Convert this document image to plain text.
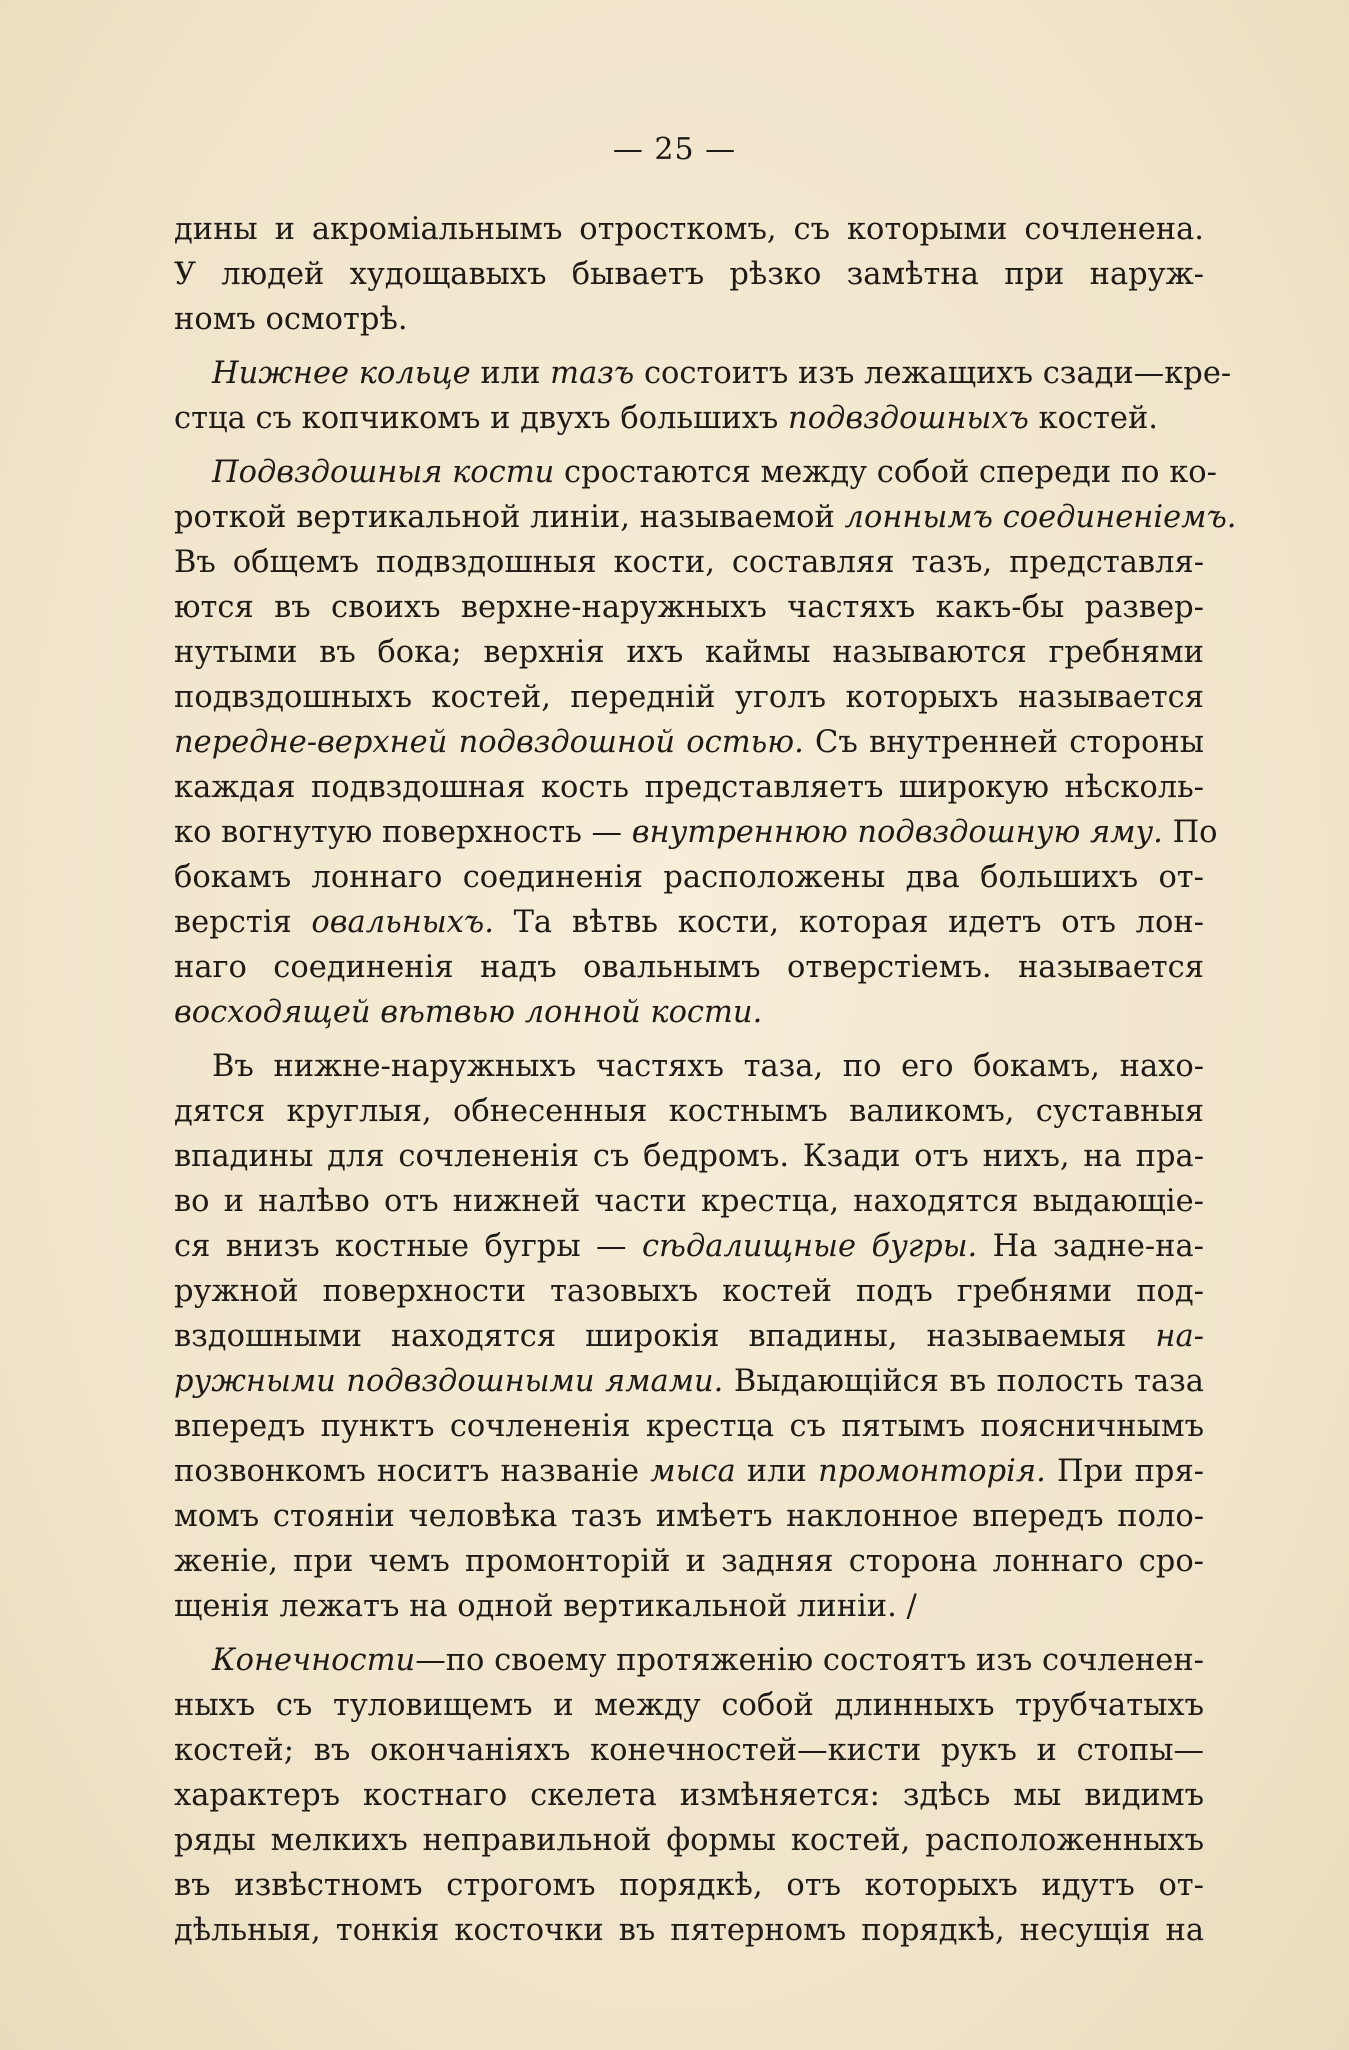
— 25 —
дины и акромiальнымъ отросткомъ, съ которыми сочленена.
У людей худощавыхъ бываетъ рѣзко замѣтна при наруж-
номъ осмотрѣ.
Нижнее кольце или тазъ состоитъ изъ лежащихъ сзади—кре-
стца съ копчикомъ и двухъ большихъ подвздошныхъ костей.
Подвздошныя кости сростаются между собой спереди по ко-
роткой вертикальной линiи, называемой лоннымъ соединенiемъ.
Въ общемъ подвздошныя кости, составляя тазъ, представля-
ются въ своихъ верхне-наружныхъ частяхъ какъ-бы развер-
нутыми въ бока; верхнiя ихъ каймы называются гребнями
подвздошныхъ костей, переднiй уголъ которыхъ называется
передне-верхней подвздошной остью. Съ внутренней стороны
каждая подвздошная кость представляетъ широкую нѣсколь-
ко вогнутую поверхность — внутреннюю подвздошную яму. По
бокамъ лоннаго соединенiя расположены два большихъ от-
верстiя овальныхъ. Та вѣтвь кости, которая идетъ отъ лон-
наго соединенiя надъ овальнымъ отверстiемъ. называется
восходящей вѣтвью лонной кости.
Въ нижне-наружныхъ частяхъ таза, по его бокамъ, нахо-
дятся круглыя, обнесенныя костнымъ валикомъ, суставныя
впадины для сочлененiя съ бедромъ. Кзади отъ нихъ, на пра-
во и налѣво отъ нижней части крестца, находятся выдающiе-
ся внизъ костные бугры — сѣдалищные бугры. На задне-на-
ружной поверхности тазовыхъ костей подъ гребнями под-
вздошными находятся широкiя впадины, называемыя на-
ружными подвздошными ямами. Выдающiйся въ полость таза
впередъ пунктъ сочлененiя крестца съ пятымъ поясничнымъ
позвонкомъ носитъ названiе мыса или промонторiя. При пря-
момъ стоянiи человѣка тазъ имѣетъ наклонное впередъ поло-
женiе, при чемъ промонторiй и задняя сторона лоннаго сро-
щенiя лежатъ на одной вертикальной линiи. /
Конечности—по своему протяженiю состоятъ изъ сочленен-
ныхъ съ туловищемъ и между собой длинныхъ трубчатыхъ
костей; въ окончанiяхъ конечностей—кисти рукъ и стопы—
характеръ костнаго скелета измѣняется: здѣсь мы видимъ
ряды мелкихъ неправильной формы костей, расположенныхъ
въ извѣстномъ строгомъ порядкѣ, отъ которыхъ идутъ от-
дѣльныя, тонкiя косточки въ пятерномъ порядкѣ, несущiя на
